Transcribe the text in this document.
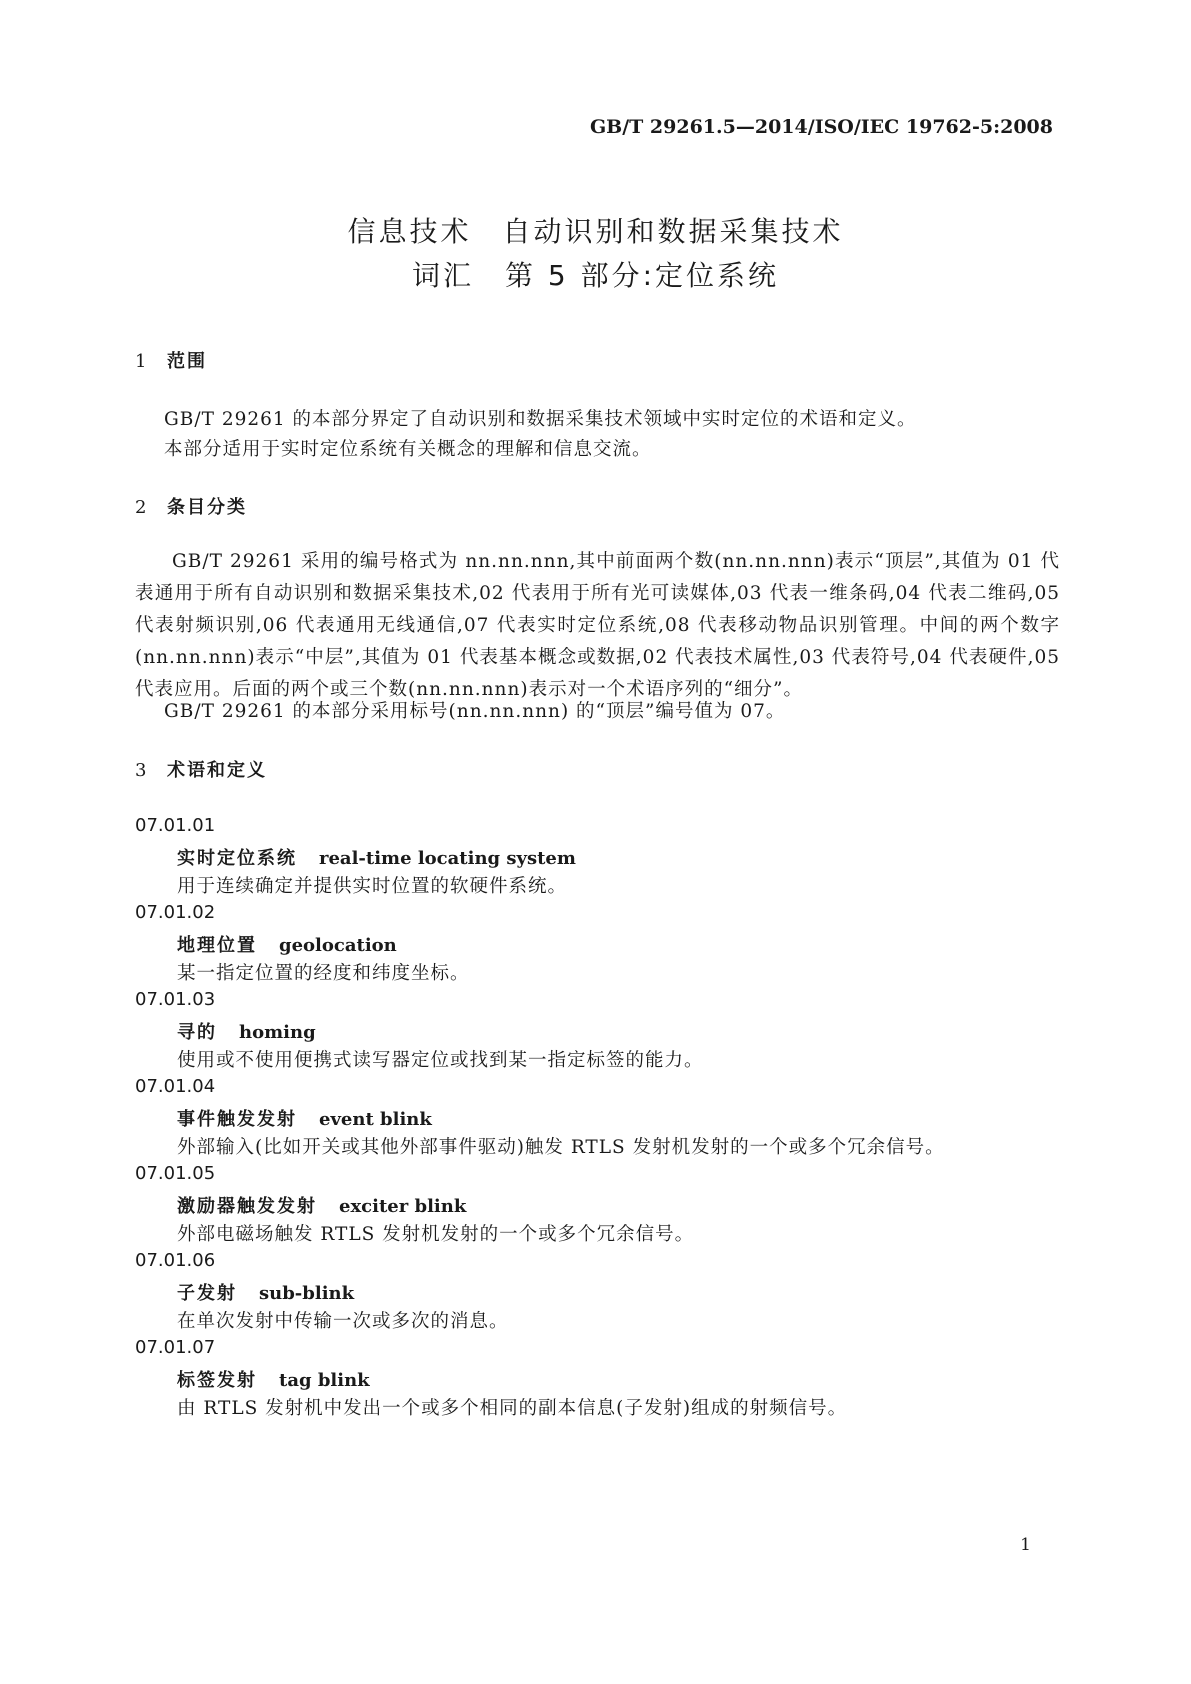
GB/T 29261.5—2014/ISO/IEC 19762-5:2008
信息技术　自动识别和数据采集技术
词汇　第 5 部分:定位系统
1 范围
GB/T 29261 的本部分界定了自动识别和数据采集技术领域中实时定位的术语和定义。
本部分适用于实时定位系统有关概念的理解和信息交流。
2 条目分类
GB/T 29261 采用的编号格式为 nn.nn.nnn,其中前面两个数(nn.nn.nnn)表示“顶层”,其值为 01 代表通用于所有自动识别和数据采集技术,02 代表用于所有光可读媒体,03 代表一维条码,04 代表二维码,05 代表射频识别,06 代表通用无线通信,07 代表实时定位系统,08 代表移动物品识别管理。中间的两个数字(nn.nn.nnn)表示“中层”,其值为 01 代表基本概念或数据,02 代表技术属性,03 代表符号,04 代表硬件,05 代表应用。后面的两个或三个数(nn.nn.nnn)表示对一个术语序列的“细分”。
GB/T 29261 的本部分采用标号(nn.nn.nnn) 的“顶层”编号值为 07。
3 术语和定义
07.01.01
实时定位系统 real-time locating system
用于连续确定并提供实时位置的软硬件系统。
07.01.02
地理位置 geolocation
某一指定位置的经度和纬度坐标。
07.01.03
寻的 homing
使用或不使用便携式读写器定位或找到某一指定标签的能力。
07.01.04
事件触发发射 event blink
外部输入(比如开关或其他外部事件驱动)触发 RTLS 发射机发射的一个或多个冗余信号。
07.01.05
激励器触发发射 exciter blink
外部电磁场触发 RTLS 发射机发射的一个或多个冗余信号。
07.01.06
子发射 sub-blink
在单次发射中传输一次或多次的消息。
07.01.07
标签发射 tag blink
由 RTLS 发射机中发出一个或多个相同的副本信息(子发射)组成的射频信号。
1
